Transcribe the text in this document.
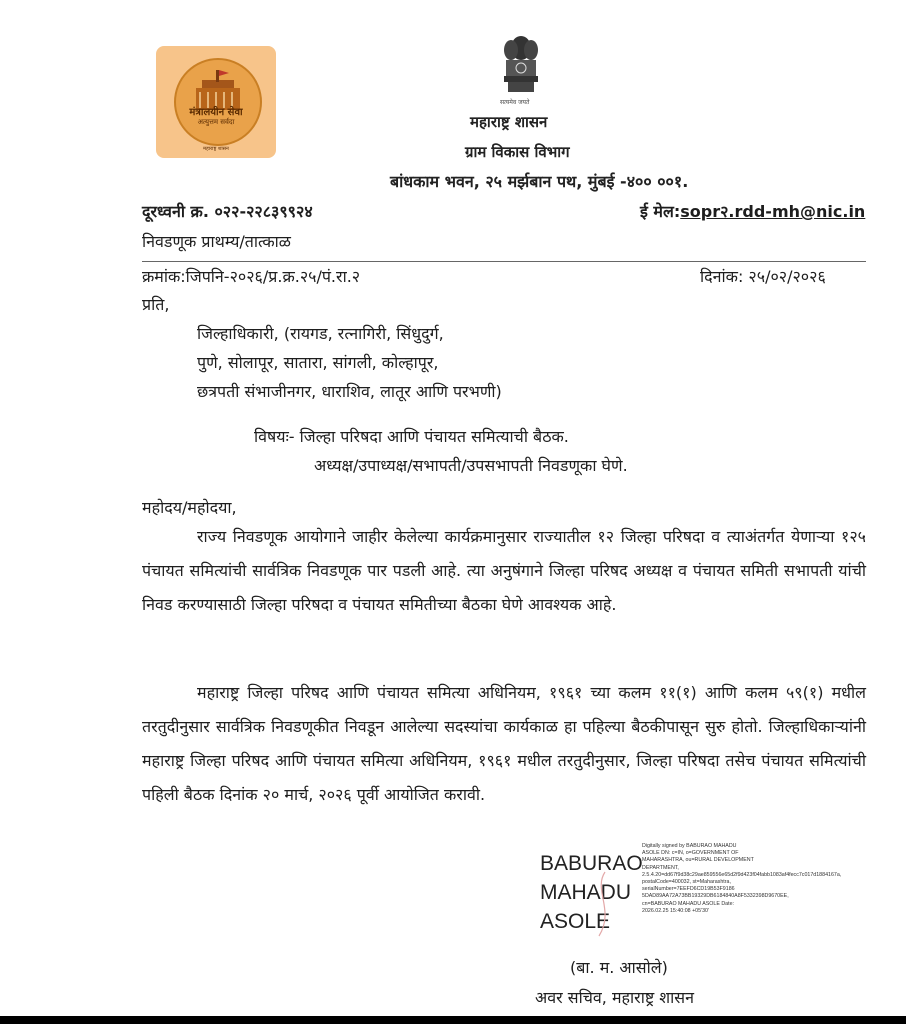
मंत्रालयीन सेवा
अत्युत्तम सर्वदा
महाराष्ट्र शासन
सत्यमेव जयते
महाराष्ट्र शासन
ग्राम विकास विभाग
बांधकाम भवन, २५ मर्झबान पथ, मुंबई -४०० ००१.
दूरध्वनी क्र. ०२२-२२८३९९२४	ई मेल:sopr२.rdd-mh@nic.in
निवडणूक प्राथम्य/तात्काळ
क्रमांक:जिपनि-२०२६/प्र.क्र.२५/पं.रा.२	दिनांक: २५/०२/२०२६
प्रति,
जिल्हाधिकारी, (रायगड, रत्नागिरी, सिंधुदुर्ग,
पुणे, सोलापूर, सातारा, सांगली, कोल्हापूर,
छत्रपती संभाजीनगर, धाराशिव, लातूर आणि परभणी)
विषयः- जिल्हा परिषदा आणि पंचायत समित्याची बैठक.
अध्यक्ष/उपाध्यक्ष/सभापती/उपसभापती निवडणूका घेणे.
महोदय/महोदया,
राज्य निवडणूक आयोगाने जाहीर केलेल्या कार्यक्रमानुसार राज्यातील १२ जिल्हा परिषदा व त्याअंतर्गत येणाऱ्या १२५ पंचायत समित्यांची सार्वत्रिक निवडणूक पार पडली आहे. त्या अनुषंगाने जिल्हा परिषद अध्यक्ष व पंचायत समिती सभापती यांची निवड करण्यासाठी जिल्हा परिषदा व पंचायत समितीच्या बैठका घेणे आवश्यक आहे.
महाराष्ट्र जिल्हा परिषद आणि पंचायत समित्या अधिनियम, १९६१ च्या कलम ११(१) आणि कलम ५९(१) मधील तरतुदीनुसार सार्वत्रिक निवडणूकीत निवडून आलेल्या सदस्यांचा कार्यकाळ हा पहिल्या बैठकीपासून सुरु होतो. जिल्हाधिकाऱ्यांनी महाराष्ट्र जिल्हा परिषद आणि पंचायत समित्या अधिनियम, १९६१ मधील तरतुदीनुसार, जिल्हा परिषदा तसेच पंचायत समित्यांची पहिली बैठक दिनांक २० मार्च, २०२६ पूर्वी आयोजित करावी.
BABURAO
MAHADU
ASOLE
Digitally signed by BABURAO MAHADU ASOLE DN: c=IN, o=GOVERNMENT OF MAHARASHTRA, ou=RURAL DEVELOPMENT DEPARTMENT, 2.5.4.20=dd67f9d38c29ae859556e65d2f9d423f04fabb1083af4fecc7c017d1884167a, postalCode=400032, st=Maharashtra, serialNumber=7EEFD6CD19B53F9186 5DAD89AA72A73BB19329DB6184840A8F5332398D9670EE, cn=BABURAO MAHADU ASOLE Date: 2026.02.25 15:40:08 +05'30'
(बा. म. आसोले)
अवर सचिव, महाराष्ट्र शासन
